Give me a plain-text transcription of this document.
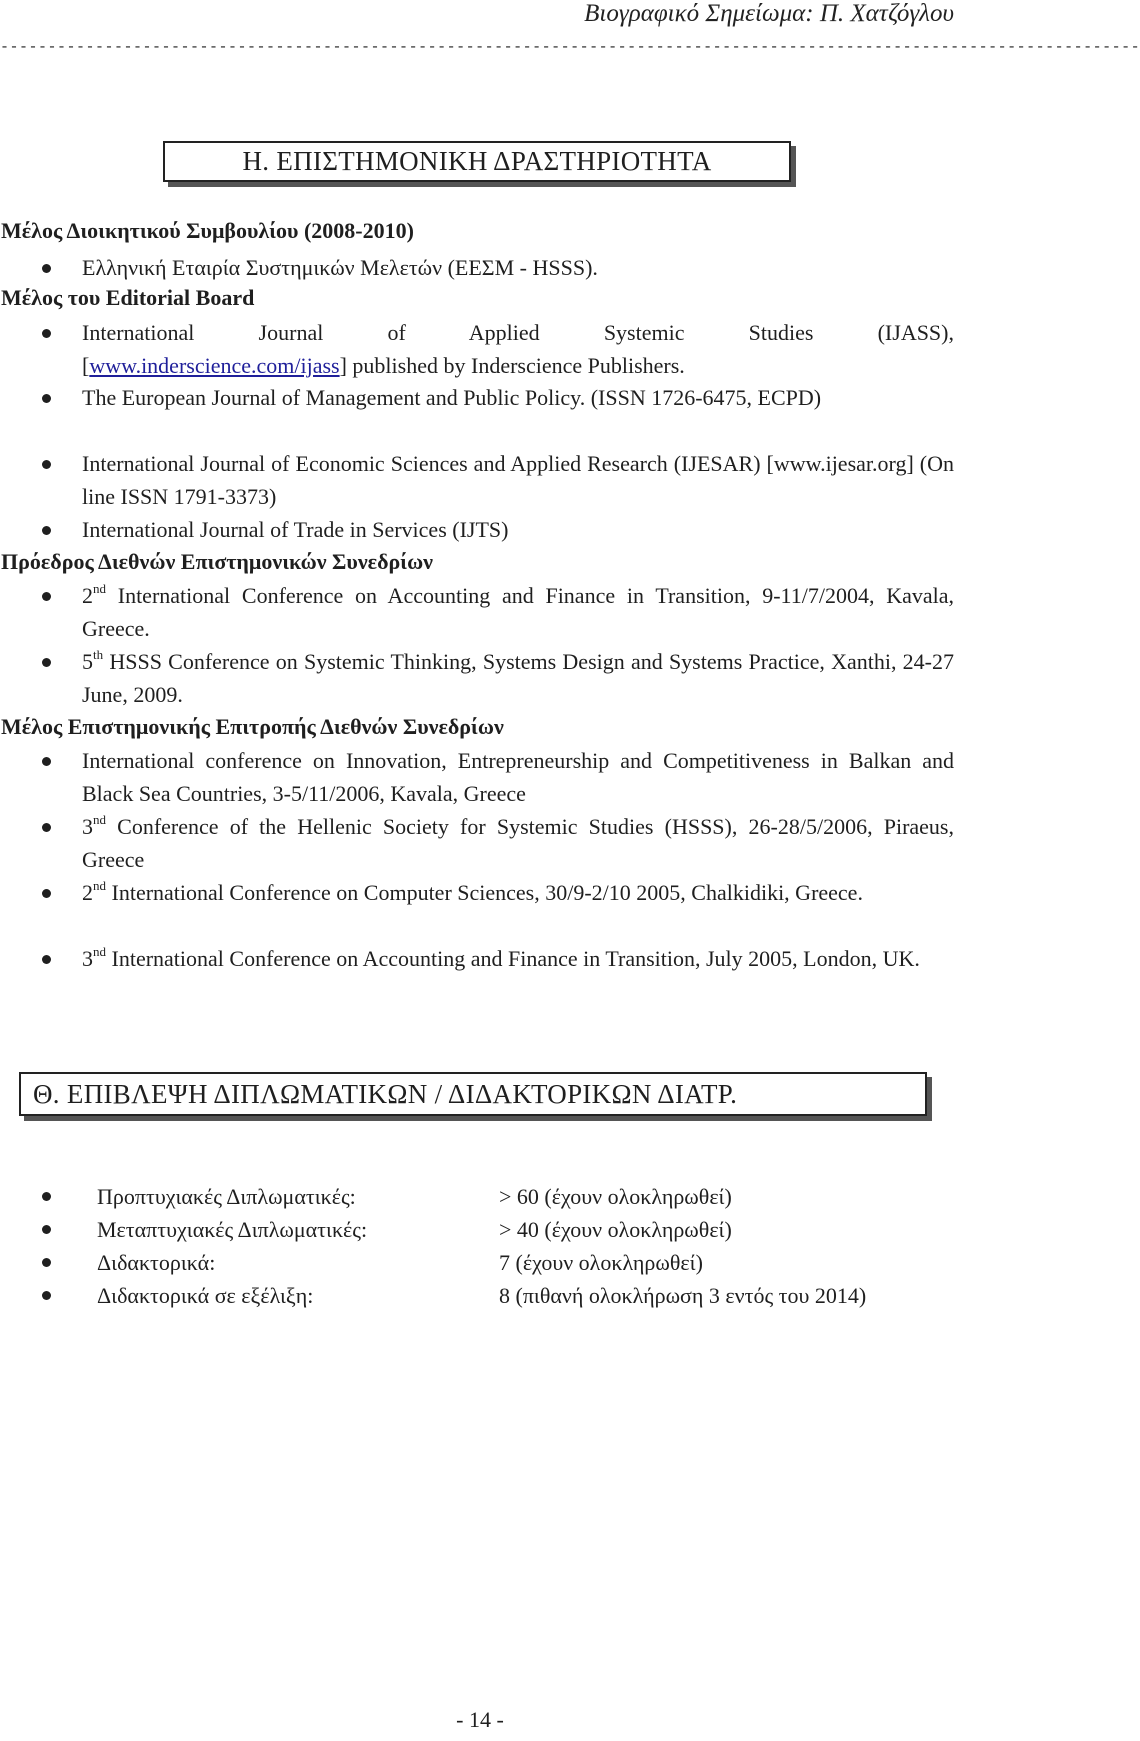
Βιογραφικό Σημείωμα: Π. Χατζόγλου
------------------------------------------------------------------------------------------------------------------------
Η. ΕΠΙΣΤΗΜΟΝΙΚΗ ΔΡΑΣΤΗΡΙΟΤΗΤΑ
Μέλος Διοικητικού Συμβουλίου (2008-2010)
Ελληνική Εταιρία Συστημικών Μελετών (ΕΕΣΜ - HSSS).
Μέλος του Editorial Board
International Journal of Applied Systemic Studies (IJASS),
[www.inderscience.com/ijass] published by Inderscience Publishers.
The European Journal of Management and Public Policy. (ISSN 1726-6475, ECPD)
International Journal of Economic Sciences and Applied Research (IJESAR) [www.ijesar.org] (On line ISSN 1791-3373)
International Journal of Trade in Services (IJTS)
Πρόεδρος Διεθνών Επιστημονικών Συνεδρίων
2nd International Conference on Accounting and Finance in Transition, 9-11/7/2004, Kavala, Greece.
5th HSSS Conference on Systemic Thinking, Systems Design and Systems Practice, Xanthi, 24-27 June, 2009.
Μέλος Επιστημονικής Επιτροπής Διεθνών Συνεδρίων
International conference on Innovation, Entrepreneurship and Competitiveness in Balkan and Black Sea Countries, 3-5/11/2006, Kavala, Greece
3nd Conference of the Hellenic Society for Systemic Studies (HSSS), 26-28/5/2006, Piraeus, Greece
2nd International Conference on Computer Sciences, 30/9-2/10 2005, Chalkidiki, Greece.
3nd International Conference on Accounting and Finance in Transition, July 2005, London, UK.
Θ. ΕΠΙΒΛΕΨΗ ΔΙΠΛΩΜΑΤΙΚΩΝ / ΔΙΔΑΚΤΟΡΙΚΩΝ ΔΙΑΤΡ.
Προπτυχιακές Διπλωματικές:	> 60 (έχουν ολοκληρωθεί)
Μεταπτυχιακές Διπλωματικές:	> 40 (έχουν ολοκληρωθεί)
Διδακτορικά:	7 (έχουν ολοκληρωθεί)
Διδακτορικά σε εξέλιξη:	8 (πιθανή ολοκλήρωση 3 εντός του 2014)
- 14 -
